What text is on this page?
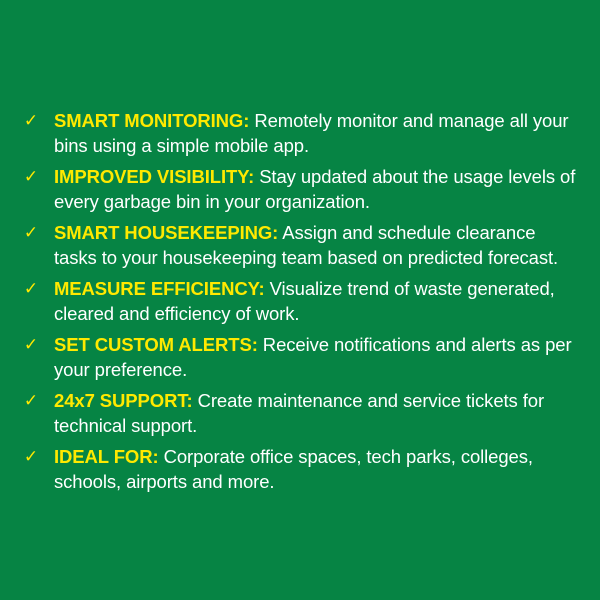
✓ SMART MONITORING: Remotely monitor and manage all your bins using a simple mobile app.
✓ IMPROVED VISIBILITY: Stay updated about the usage levels of every garbage bin in your organization.
✓ SMART HOUSEKEEPING: Assign and schedule clearance tasks to your housekeeping team based on predicted forecast.
✓ MEASURE EFFICIENCY: Visualize trend of waste generated, cleared and efficiency of work.
✓ SET CUSTOM ALERTS: Receive notifications and alerts as per your preference.
✓ 24x7 SUPPORT: Create maintenance and service tickets for technical support.
✓ IDEAL FOR: Corporate office spaces, tech parks, colleges, schools, airports and more.
